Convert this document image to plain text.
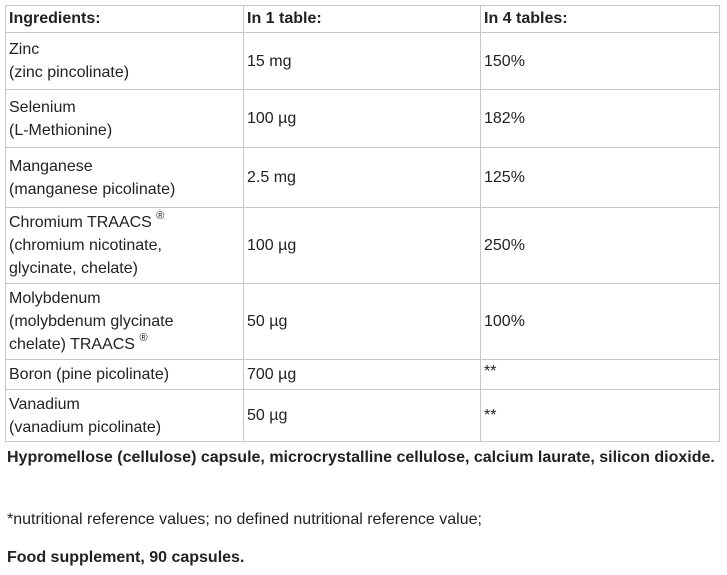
Ingredients:	In 1 table:	In 4 tables:

Zinc
(zinc pincolinate)	15 mg	150%

Selenium
(L-Methionine)	100 µg	182%

Manganese
(manganese picolinate)	2.5 mg	125%

Chromium TRAACS ®
(chromium nicotinate,
glycinate, chelate)	100 µg	250%

Molybdenum
(molybdenum glycinate
chelate) TRAACS ®	50 µg	100%

Boron (pine picolinate)	700 µg	**

Vanadium
(vanadium picolinate)	50 µg	**

Hypromellose (cellulose) capsule, microcrystalline cellulose, calcium laurate, silicon dioxide.

*nutritional reference values; no defined nutritional reference value;

Food supplement, 90 capsules.
